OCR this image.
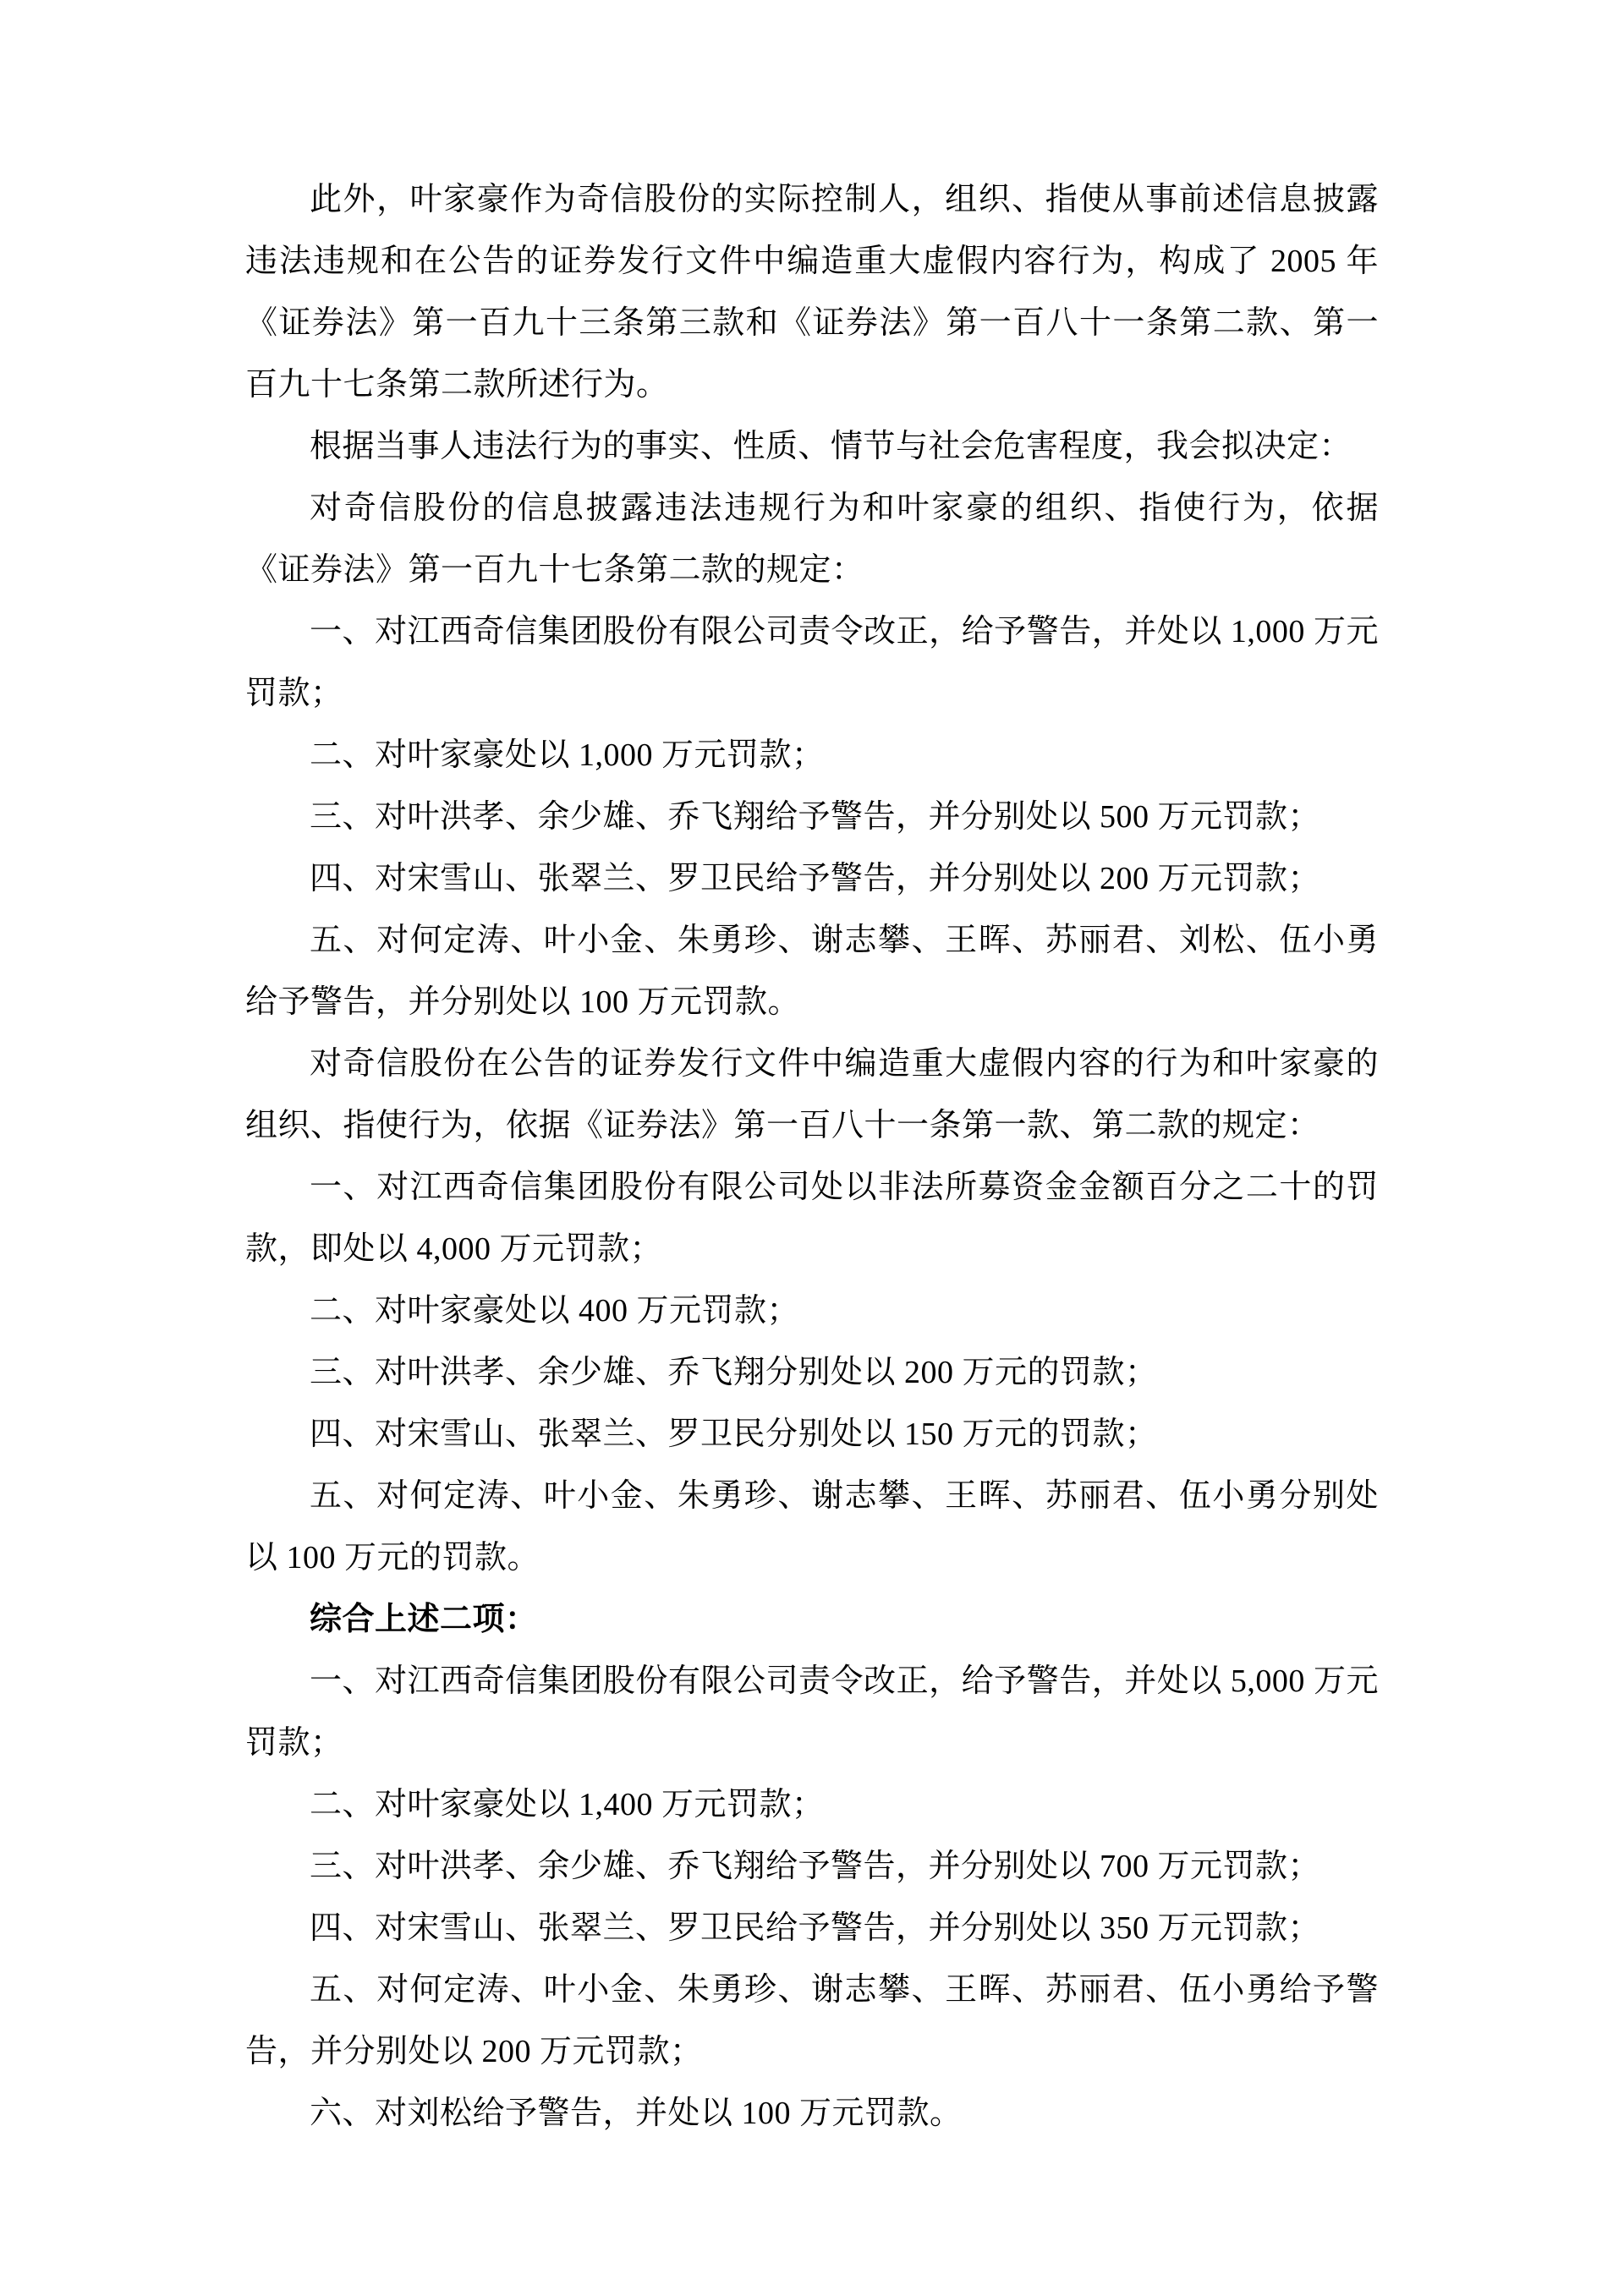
此外，叶家豪作为奇信股份的实际控制人，组织、指使从事前述信息披露违法违规和在公告的证券发行文件中编造重大虚假内容行为，构成了 2005 年《证券法》第一百九十三条第三款和《证券法》第一百八十一条第二款、第一百九十七条第二款所述行为。

根据当事人违法行为的事实、性质、情节与社会危害程度，我会拟决定：

对奇信股份的信息披露违法违规行为和叶家豪的组织、指使行为，依据《证券法》第一百九十七条第二款的规定：

一、对江西奇信集团股份有限公司责令改正，给予警告，并处以 1,000 万元罚款；

二、对叶家豪处以 1,000 万元罚款；

三、对叶洪孝、余少雄、乔飞翔给予警告，并分别处以 500 万元罚款；

四、对宋雪山、张翠兰、罗卫民给予警告，并分别处以 200 万元罚款；

五、对何定涛、叶小金、朱勇珍、谢志攀、王晖、苏丽君、刘松、伍小勇给予警告，并分别处以 100 万元罚款。

对奇信股份在公告的证券发行文件中编造重大虚假内容的行为和叶家豪的组织、指使行为，依据《证券法》第一百八十一条第一款、第二款的规定：

一、对江西奇信集团股份有限公司处以非法所募资金金额百分之二十的罚款，即处以 4,000 万元罚款；

二、对叶家豪处以 400 万元罚款；

三、对叶洪孝、余少雄、乔飞翔分别处以 200 万元的罚款；

四、对宋雪山、张翠兰、罗卫民分别处以 150 万元的罚款；

五、对何定涛、叶小金、朱勇珍、谢志攀、王晖、苏丽君、伍小勇分别处以 100 万元的罚款。

综合上述二项：

一、对江西奇信集团股份有限公司责令改正，给予警告，并处以 5,000 万元罚款；

二、对叶家豪处以 1,400 万元罚款；

三、对叶洪孝、余少雄、乔飞翔给予警告，并分别处以 700 万元罚款；

四、对宋雪山、张翠兰、罗卫民给予警告，并分别处以 350 万元罚款；

五、对何定涛、叶小金、朱勇珍、谢志攀、王晖、苏丽君、伍小勇给予警告，并分别处以 200 万元罚款；

六、对刘松给予警告，并处以 100 万元罚款。
